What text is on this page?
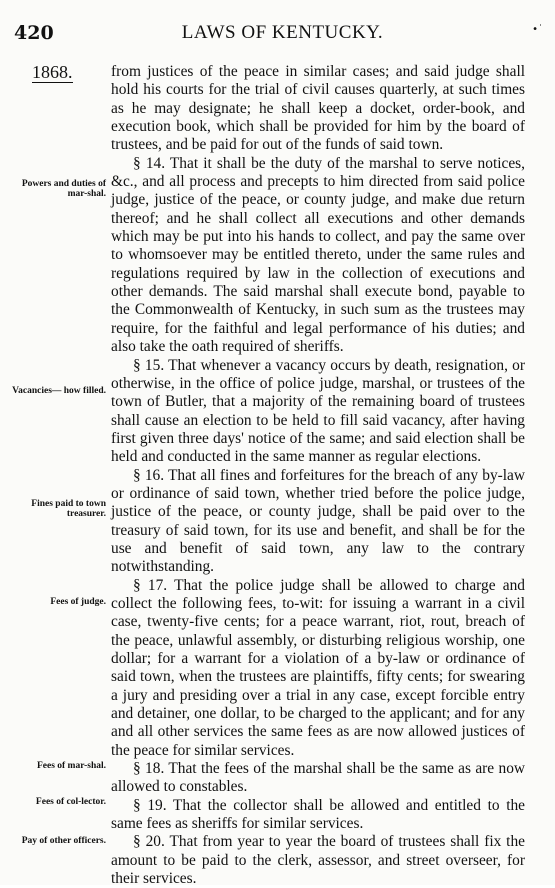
420	LAWS OF KENTUCKY.	•˙
1868.
Powers and duties of mar-shal.
Vacancies— how filled.
Fines paid to town treasurer.
Fees of judge.
Fees of mar-shal.
Fees of col-lector.
Pay of other officers.

from justices of the peace in similar cases; and said judge shall hold his courts for the trial of civil causes quarterly, at such times as he may designate; he shall keep a docket, order-book, and execution book, which shall be provided for him by the board of trustees, and be paid for out of the funds of said town.

§ 14. That it shall be the duty of the marshal to serve notices, &c., and all process and precepts to him directed from said police judge, justice of the peace, or county judge, and make due return thereof; and he shall collect all executions and other demands which may be put into his hands to collect, and pay the same over to whomsoever may be entitled thereto, under the same rules and regulations required by law in the collection of executions and other demands. The said marshal shall execute bond, payable to the Commonwealth of Kentucky, in such sum as the trustees may require, for the faithful and legal performance of his duties; and also take the oath required of sheriffs.

§ 15. That whenever a vacancy occurs by death, resignation, or otherwise, in the office of police judge, marshal, or trustees of the town of Butler, that a majority of the remaining board of trustees shall cause an election to be held to fill said vacancy, after having first given three days' notice of the same; and said election shall be held and conducted in the same manner as regular elections.

§ 16. That all fines and forfeitures for the breach of any by-law or ordinance of said town, whether tried before the police judge, justice of the peace, or county judge, shall be paid over to the treasury of said town, for its use and benefit, and shall be for the use and benefit of said town, any law to the contrary notwithstanding.

§ 17. That the police judge shall be allowed to charge and collect the following fees, to-wit: for issuing a warrant in a civil case, twenty-five cents; for a peace warrant, riot, rout, breach of the peace, unlawful assembly, or disturbing religious worship, one dollar; for a warrant for a violation of a by-law or ordinance of said town, when the trustees are plaintiffs, fifty cents; for swearing a jury and presiding over a trial in any case, except forcible entry and detainer, one dollar, to be charged to the applicant; and for any and all other services the same fees as are now allowed justices of the peace for similar services.

§ 18. That the fees of the marshal shall be the same as are now allowed to constables.

§ 19. That the collector shall be allowed and entitled to the same fees as sheriffs for similar services.

§ 20. That from year to year the board of trustees shall fix the amount to be paid to the clerk, assessor, and street overseer, for their services.
